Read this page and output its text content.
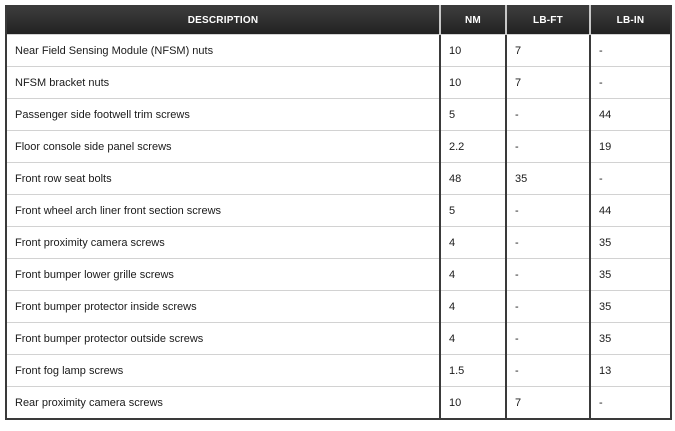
DESCRIPTION	NM	LB-FT	LB-IN
Near Field Sensing Module (NFSM) nuts	10	7	-
NFSM bracket nuts	10	7	-
Passenger side footwell trim screws	5	-	44
Floor console side panel screws	2.2	-	19
Front row seat bolts	48	35	-
Front wheel arch liner front section screws	5	-	44
Front proximity camera screws	4	-	35
Front bumper lower grille screws	4	-	35
Front bumper protector inside screws	4	-	35
Front bumper protector outside screws	4	-	35
Front fog lamp screws	1.5	-	13
Rear proximity camera screws	10	7	-
